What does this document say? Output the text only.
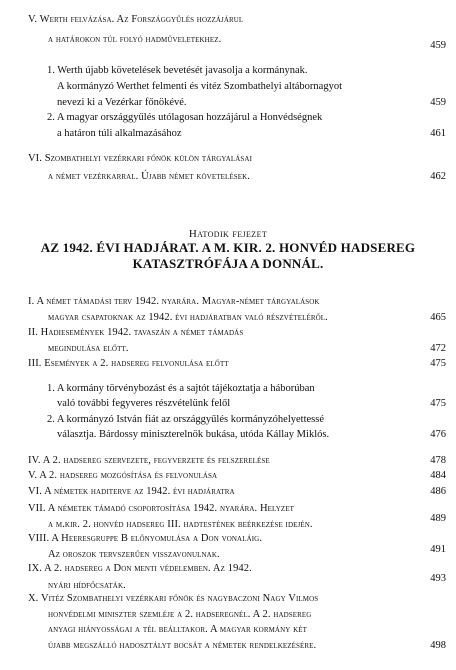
V. Werth felvázása. Az Fországgyűlés hozzájárul
a határokon túl folyó hadműveletekhez.
459
1. Werth újabb követelések bevetését javasolja a kormánynak.
A kormányzó Werthet felmenti és vitéz Szombathelyi altábornagyot
nevezi ki a Vezérkar főnökévé.	459
2. A magyar országgyűlés utólagosan hozzájárul a Honvédségnek
a határon túli alkalmazásához	461
VI. Szombathelyi vezérkari főnök külön tárgyalásai
a német vezérkarral. Újabb német követelések.	462
Hatodik fejezet
AZ 1942. ÉVI HADJÁRAT. A M. KIR. 2. HONVÉD HADSEREG
KATASZTRÓFÁJA A DONNÁL.
I. A német támadási terv 1942. nyarára. Magyar-német tárgyalások
magyar csapatoknak az 1942. évi hadjáratban való részvételéről.	465
II. Hadiesemények 1942. tavaszán a német támadás
megindulása előtt.	472
III. Események a 2. hadsereg felvonulása előtt	475
1. A kormány törvénybozást és a sajtót tájékoztatja a háborúban
való további fegyveres részvételünk felől	475
2. A kormányzó István fiát az országgyűlés kormányzóhelyettessé
választja. Bárdossy miniszterelnök bukása, utóda Kállay Miklós.	476
IV. A 2. hadsereg szervezete, fegyverzete és felszerelése	478
V. A 2. hadsereg mozgósítása és felvonulása	484
VI. A németek haditerve az 1942. évi hadjáratra	486
VII. A németek támadó csoportosítása 1942. nyarára. Helyzet
a m.kir. 2. honvéd hadsereg III. hadtestének beérkezése idején.
489
VIII. A Heeresgruppe B előnyomulása a Don vonaláig.
Az oroszok tervszerűen visszavonulnak.	491
IX. A 2. hadsereg a Don menti védelemben. Az 1942.
nyári hídfőcsaták.
493
X. Vitéz Szombathelyi vezérkari főnök és nagybaczoni Nagy Vilmos
honvédelmi miniszter szemléje a 2. hadseregnél. A 2. hadsereg
anyagi hiányosságai a tél beálltakor. A magyar kormány két
újabb megszálló hadosztályt bocsát a németek rendelkezésére.	498
